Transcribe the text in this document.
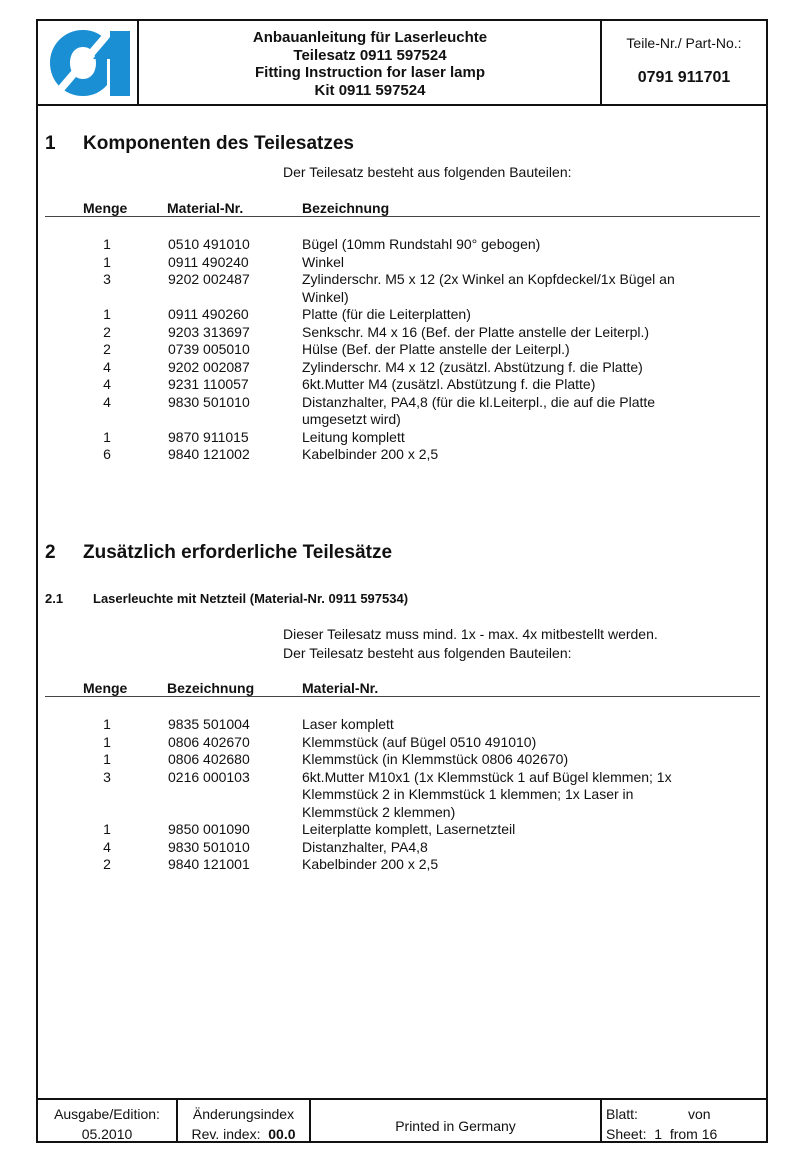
Anbauanleitung für Laserleuchte
Teilesatz 0911 597524
Fitting Instruction for laser lamp
Kit 0911 597524
Teile-Nr./ Part-No.:
0791 911701
1 Komponenten des Teilesatzes
Der Teilesatz besteht aus folgenden Bauteilen:
Menge	Material-Nr.	Bezeichnung
1	0510 491010	Bügel (10mm Rundstahl 90° gebogen)
1	0911 490240	Winkel
3	9202 002487	Zylinderschr. M5 x 12 (2x Winkel an Kopfdeckel/1x Bügel an Winkel)
1	0911 490260	Platte (für die Leiterplatten)
2	9203 313697	Senkschr. M4 x 16 (Bef. der Platte anstelle der Leiterpl.)
2	0739 005010	Hülse (Bef. der Platte anstelle der Leiterpl.)
4	9202 002087	Zylinderschr. M4 x 12 (zusätzl. Abstützung f. die Platte)
4	9231 110057	6kt.Mutter M4 (zusätzl. Abstützung f. die Platte)
4	9830 501010	Distanzhalter, PA4,8 (für die kl.Leiterpl., die auf die Platte umgesetzt wird)
1	9870 911015	Leitung komplett
6	9840 121002	Kabelbinder 200 x 2,5
2 Zusätzlich erforderliche Teilesätze
2.1 Laserleuchte mit Netzteil (Material-Nr. 0911 597534)
Dieser Teilesatz muss mind. 1x - max. 4x mitbestellt werden.
Der Teilesatz besteht aus folgenden Bauteilen:
Menge	Bezeichnung	Material-Nr.
1	9835 501004	Laser komplett
1	0806 402670	Klemmstück (auf Bügel 0510 491010)
1	0806 402680	Klemmstück (in Klemmstück 0806 402670)
3	0216 000103	6kt.Mutter M10x1 (1x Klemmstück 1 auf Bügel klemmen; 1x Klemmstück 2 in Klemmstück 1 klemmen; 1x Laser in Klemmstück 2 klemmen)
1	9850 001090	Leiterplatte komplett, Lasernetzteil
4	9830 501010	Distanzhalter, PA4,8
2	9840 121001	Kabelbinder 200 x 2,5
Ausgabe/Edition:
05.2010
Änderungsindex
Rev. index: 00.0	Printed in Germany
Blatt:	von
Sheet: 1 from 16
